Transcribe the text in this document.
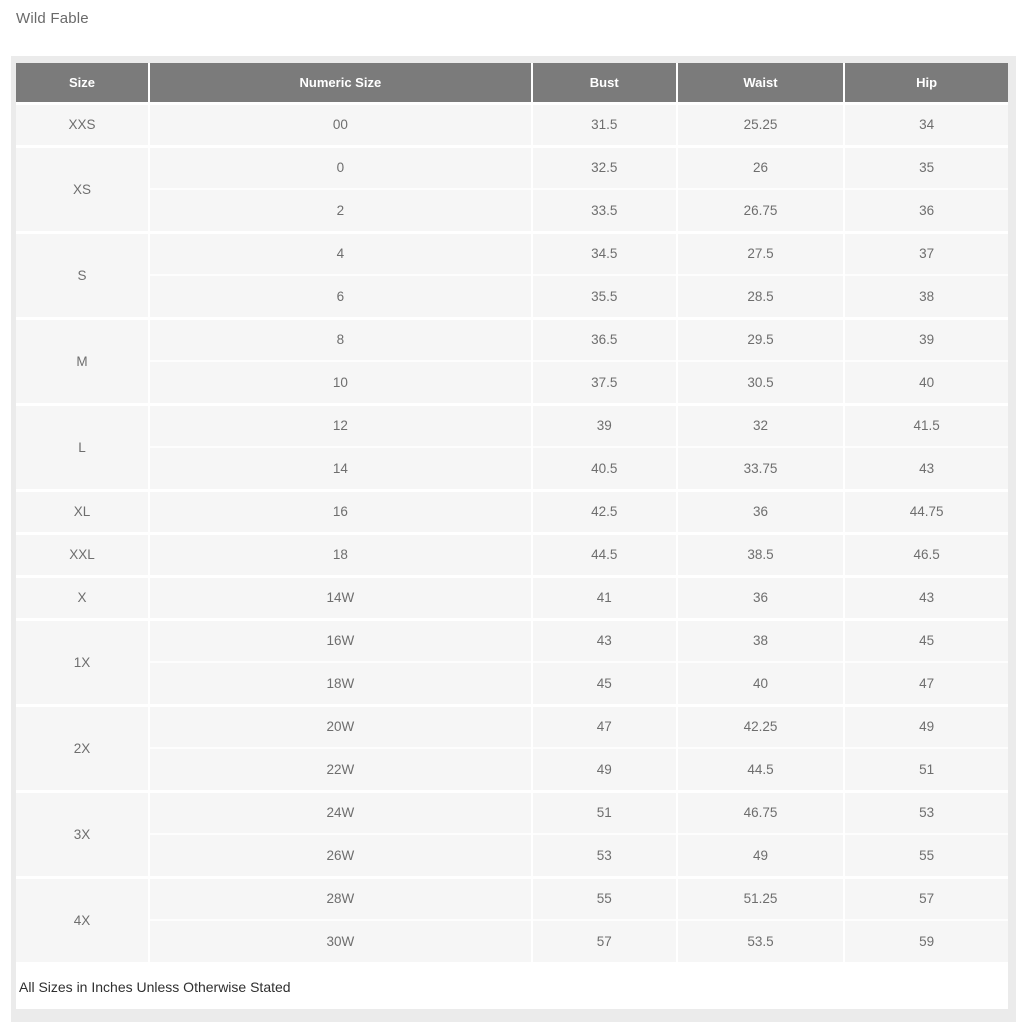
Wild Fable
Size	Numeric Size	Bust	Waist	Hip
XXS	00	31.5	25.25	34
XS	0	32.5	26	35
	2	33.5	26.75	36
S	4	34.5	27.5	37
	6	35.5	28.5	38
M	8	36.5	29.5	39
	10	37.5	30.5	40
L	12	39	32	41.5
	14	40.5	33.75	43
XL	16	42.5	36	44.75
XXL	18	44.5	38.5	46.5
X	14W	41	36	43
1X	16W	43	38	45
	18W	45	40	47
2X	20W	47	42.25	49
	22W	49	44.5	51
3X	24W	51	46.75	53
	26W	53	49	55
4X	28W	55	51.25	57
	30W	57	53.5	59
All Sizes in Inches Unless Otherwise Stated				
